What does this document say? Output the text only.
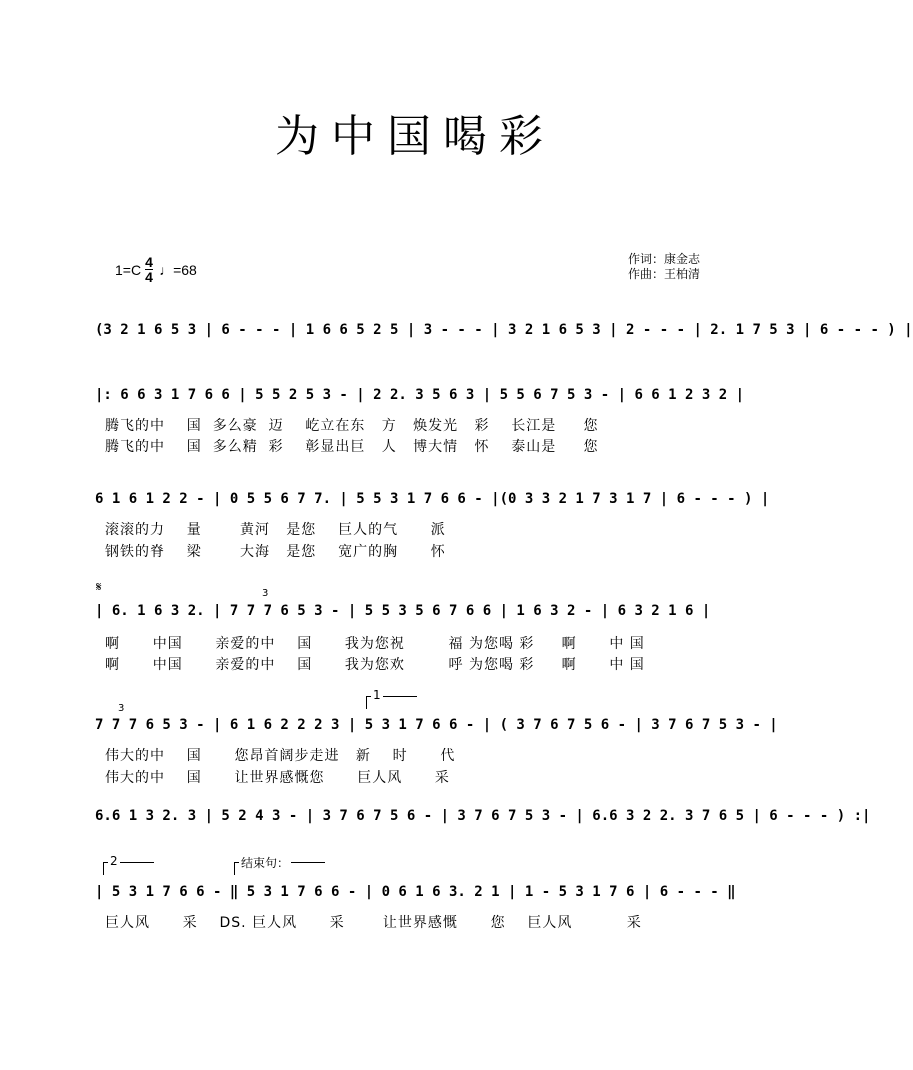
为中国喝彩
$1=C \frac{4}{4}$ ♩ =68
作词：康金志
作曲：王柏清
(3 2 1 6 5 3 | 6 - - - | 1 6 6 5 2 5 | 3 - - - | 3 2 1 6 5 3 | 2 - - - | 2. 1 7 5 3 | 6 - - - ) |
|: 6 6 3 1 7 6 6 | 5 5 2 5 3 - | 2 2. 3 5 6 3 | 5 5 6 7 5 3 - | 6 6 1 2 3 2 |
腾飞的中    国  多么豪  迈    屹立在东   方   焕发光   彩    长江是     您
腾飞的中    国  多么精  彩    彰显出巨   人   博大情   怀    泰山是     您
6 1 6 1 2 2 - | 0 5 5 6 7 7. | 5 5 3 1 7 6 6 - |(0 3 3 2 1 7 3 1 7 | 6 - - - ) |
滚滚的力    量       黄河   是您    巨人的气      派
钢铁的脊    梁       大海   是您    宽广的胸      怀
𝄋	3
| 6. 1 6 3 2. | 7 7 7 6 5 3 - | 5 5 3 5 6 7 6 6 | 1 6 3 2 - | 6 3 2 1 6 |
啊      中国      亲爱的中    国      我为您祝        福 为您喝 彩     啊      中 国
啊      中国      亲爱的中    国      我为您欢        呼 为您喝 彩     啊      中 国
3
1
7 7 7 6 5 3 - | 6 1 6 2 2 2 3 | 5 3 1 7 6 6 - | ( 3 7 6 7 5 6 - | 3 7 6 7 5 3 - |
伟大的中    国      您昂首阔步走进   新    时      代
伟大的中    国      让世界感慨您      巨人风      采
6.6 1 3 2. 3 | 5 2 4 3 - | 3 7 6 7 5 6 - | 3 7 6 7 5 3 - | 6.6 3 2 2. 3 7 6 5 | 6 - - - ) :|
2	结束句：
| 5 3 1 7 6 6 - ‖ 5 3 1 7 6 6 - | 0 6 1 6 3. 2 1 | 1 - 5 3 1 7 6 | 6 - - - ‖
巨人风      采    DS. 巨人风      采       让世界感慨      您    巨人风          采
